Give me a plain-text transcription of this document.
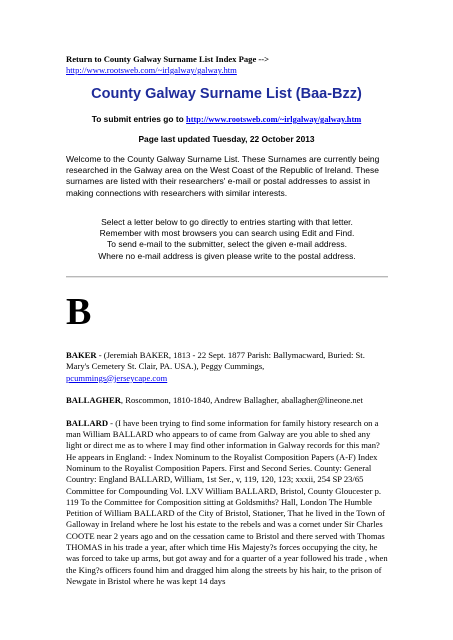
Return to County Galway Surname List Index Page -->
http://www.rootsweb.com/~irlgalway/galway.htm
County Galway Surname List (Baa-Bzz)
To submit entries go to http://www.rootsweb.com/~irlgalway/galway.htm
Page last updated Tuesday, 22 October 2013

Welcome to the County Galway Surname List. These Surnames are currently being researched in the Galway area on the West Coast of the Republic of Ireland. These surnames are listed with their researchers' e-mail or postal addresses to assist in making connections with researchers with similar interests.

Select a letter below to go directly to entries starting with that letter.
Remember with most browsers you can search using Edit and Find.
To send e-mail to the submitter, select the given e-mail address.
Where no e-mail address is given please write to the postal address.
B

BAKER - (Jeremiah BAKER, 1813 - 22 Sept. 1877 Parish: Ballymacward, Buried: St. Mary's Cemetery St. Clair, PA. USA.), Peggy Cummings,
pcummings@jerseycape.com

BALLAGHER, Roscommon, 1810-1840, Andrew Ballagher, aballagher@lineone.net

BALLARD - (I have been trying to find some information for family history research on a man William BALLARD who appears to of came from Galway are you able to shed any light or direct me as to where I may find other information in Galway records for this man? He appears in England: - Index Nominum to the Royalist Composition Papers (A-F) Index Nominum to the Royalist Composition Papers. First and Second Series. County: General Country: England BALLARD, William, 1st Ser., v, 119, 120, 123; xxxii, 254 SP 23/65 Committee for Compounding Vol. LXV William BALLARD, Bristol, County Gloucester p. 119 To the Committee for Composition sitting at Goldsmiths? Hall, London The Humble Petition of William BALLARD of the City of Bristol, Stationer, That he lived in the Town of Galloway in Ireland where he lost his estate to the rebels and was a cornet under Sir Charles COOTE near 2 years ago and on the cessation came to Bristol and there served with Thomas THOMAS in his trade a year, after which time His Majesty?s forces occupying the city, he was forced to take up arms, but got away and for a quarter of a year followed his trade , when the King?s officers found him and dragged him along the streets by his hair, to the prison of Newgate in Bristol where he was kept 14 days
